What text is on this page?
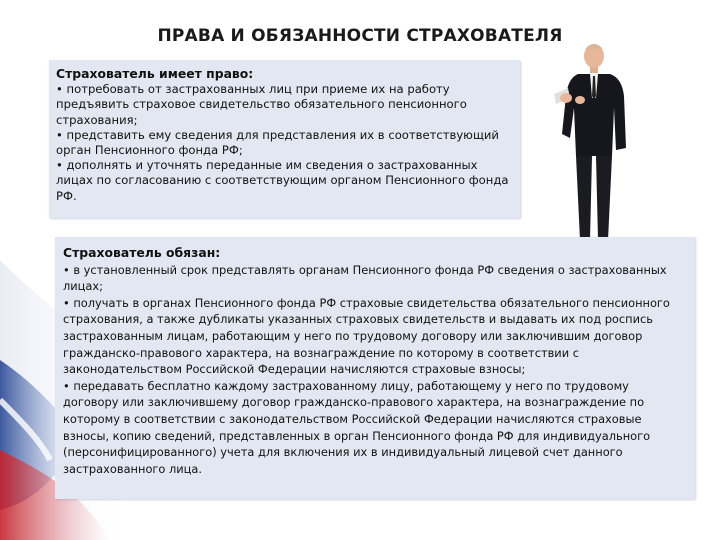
ПРАВА И ОБЯЗАННОСТИ СТРАХОВАТЕЛЯ
Страхователь имеет право:

• потребовать от застрахованных лиц при приеме их на работу предъявить страховое свидетельство обязательного пенсионного страхования;

• представить ему сведения для представления их в соответствующий орган Пенсионного фонда РФ;

• дополнять и уточнять переданные им сведения о застрахованных лицах по согласованию с соответствующим органом Пенсионного фонда РФ.

Страхователь обязан:

• в установленный срок представлять органам Пенсионного фонда РФ сведения о застрахованных лицах;

• получать в органах Пенсионного фонда РФ страховые свидетельства обязательного пенсионного страхования, а также дубликаты указанных страховых свидетельств и выдавать их под роспись застрахованным лицам, работающим у него по трудовому договору или заключившим договор гражданско-правового характера, на вознаграждение по которому в соответствии с законодательством Российской Федерации начисляются страховые взносы;

• передавать бесплатно каждому застрахованному лицу, работающему у него по трудовому договору или заключившему договор гражданско-правового характера, на вознаграждение по которому в соответствии с законодательством Российской Федерации начисляются страховые взносы, копию сведений, представленных в орган Пенсионного фонда РФ для индивидуального (персонифицированного) учета для включения их в индивидуальный лицевой счет данного застрахованного лица.
